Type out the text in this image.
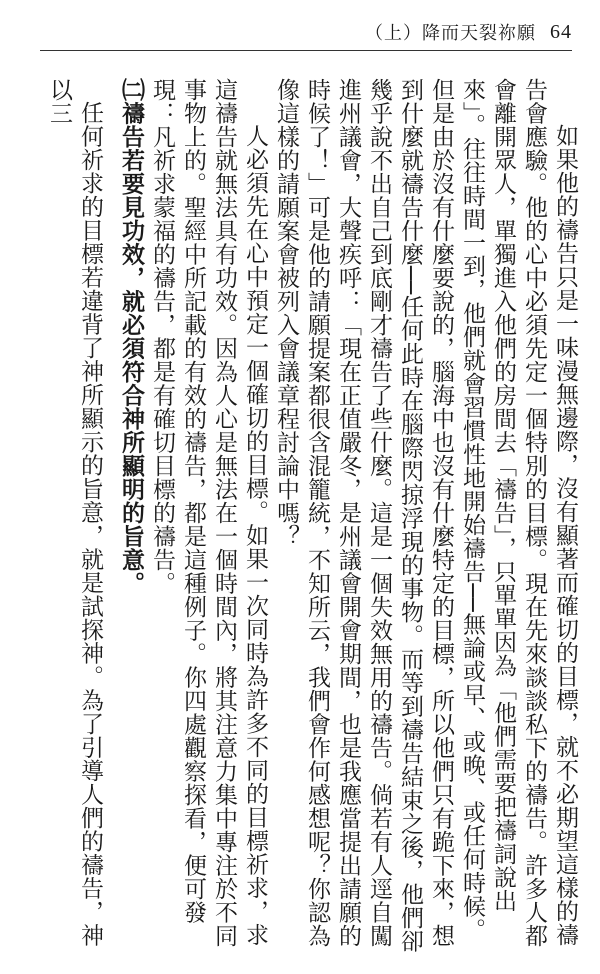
（上）降而天裂祢願 64

如果他的禱告只是一味漫無邊際，沒有顯著而確切的目標，就不必期望這樣的禱告會應驗。他的心中必須先定一個特別的目標。現在先來談談私下的禱告。許多人都會離開眾人，單獨進入他們的房間去「禱告」，只單單因為「他們需要把禱詞說出來」。往往時間一到，他們就會習慣性地開始禱告──無論或早、或晚、或任何時候。但是由於沒有什麼要說的，腦海中也沒有什麼特定的目標，所以他們只有跪下來，想到什麼就禱告什麼──任何此時在腦際閃掠浮現的事物。而等到禱告結束之後，他們卻幾乎說不出自己到底剛才禱告了些什麼。這是一個失效無用的禱告。倘若有人逕自闖進州議會，大聲疾呼：「現在正值嚴冬，是州議會開會期間，也是我應當提出請願的時候了！」可是他的請願提案都很含混籠統，不知所云，我們會作何感想呢？你認為像這樣的請願案會被列入會議章程討論中嗎？

人必須先在心中預定一個確切的目標。如果一次同時為許多不同的目標祈求，求這禱告就無法具有功效。因為人心是無法在一個時間內，將其注意力集中專注於不同事物上的。聖經中所記載的有效的禱告，都是這種例子。你四處觀察探看，便可發現：凡祈求蒙福的禱告，都是有確切目標的禱告。

㈡禱告若要見功效，就必須符合神所顯明的旨意。

任何祈求的目標若違背了神所顯示的旨意，就是試探神。為了引導人們的禱告，神以三
